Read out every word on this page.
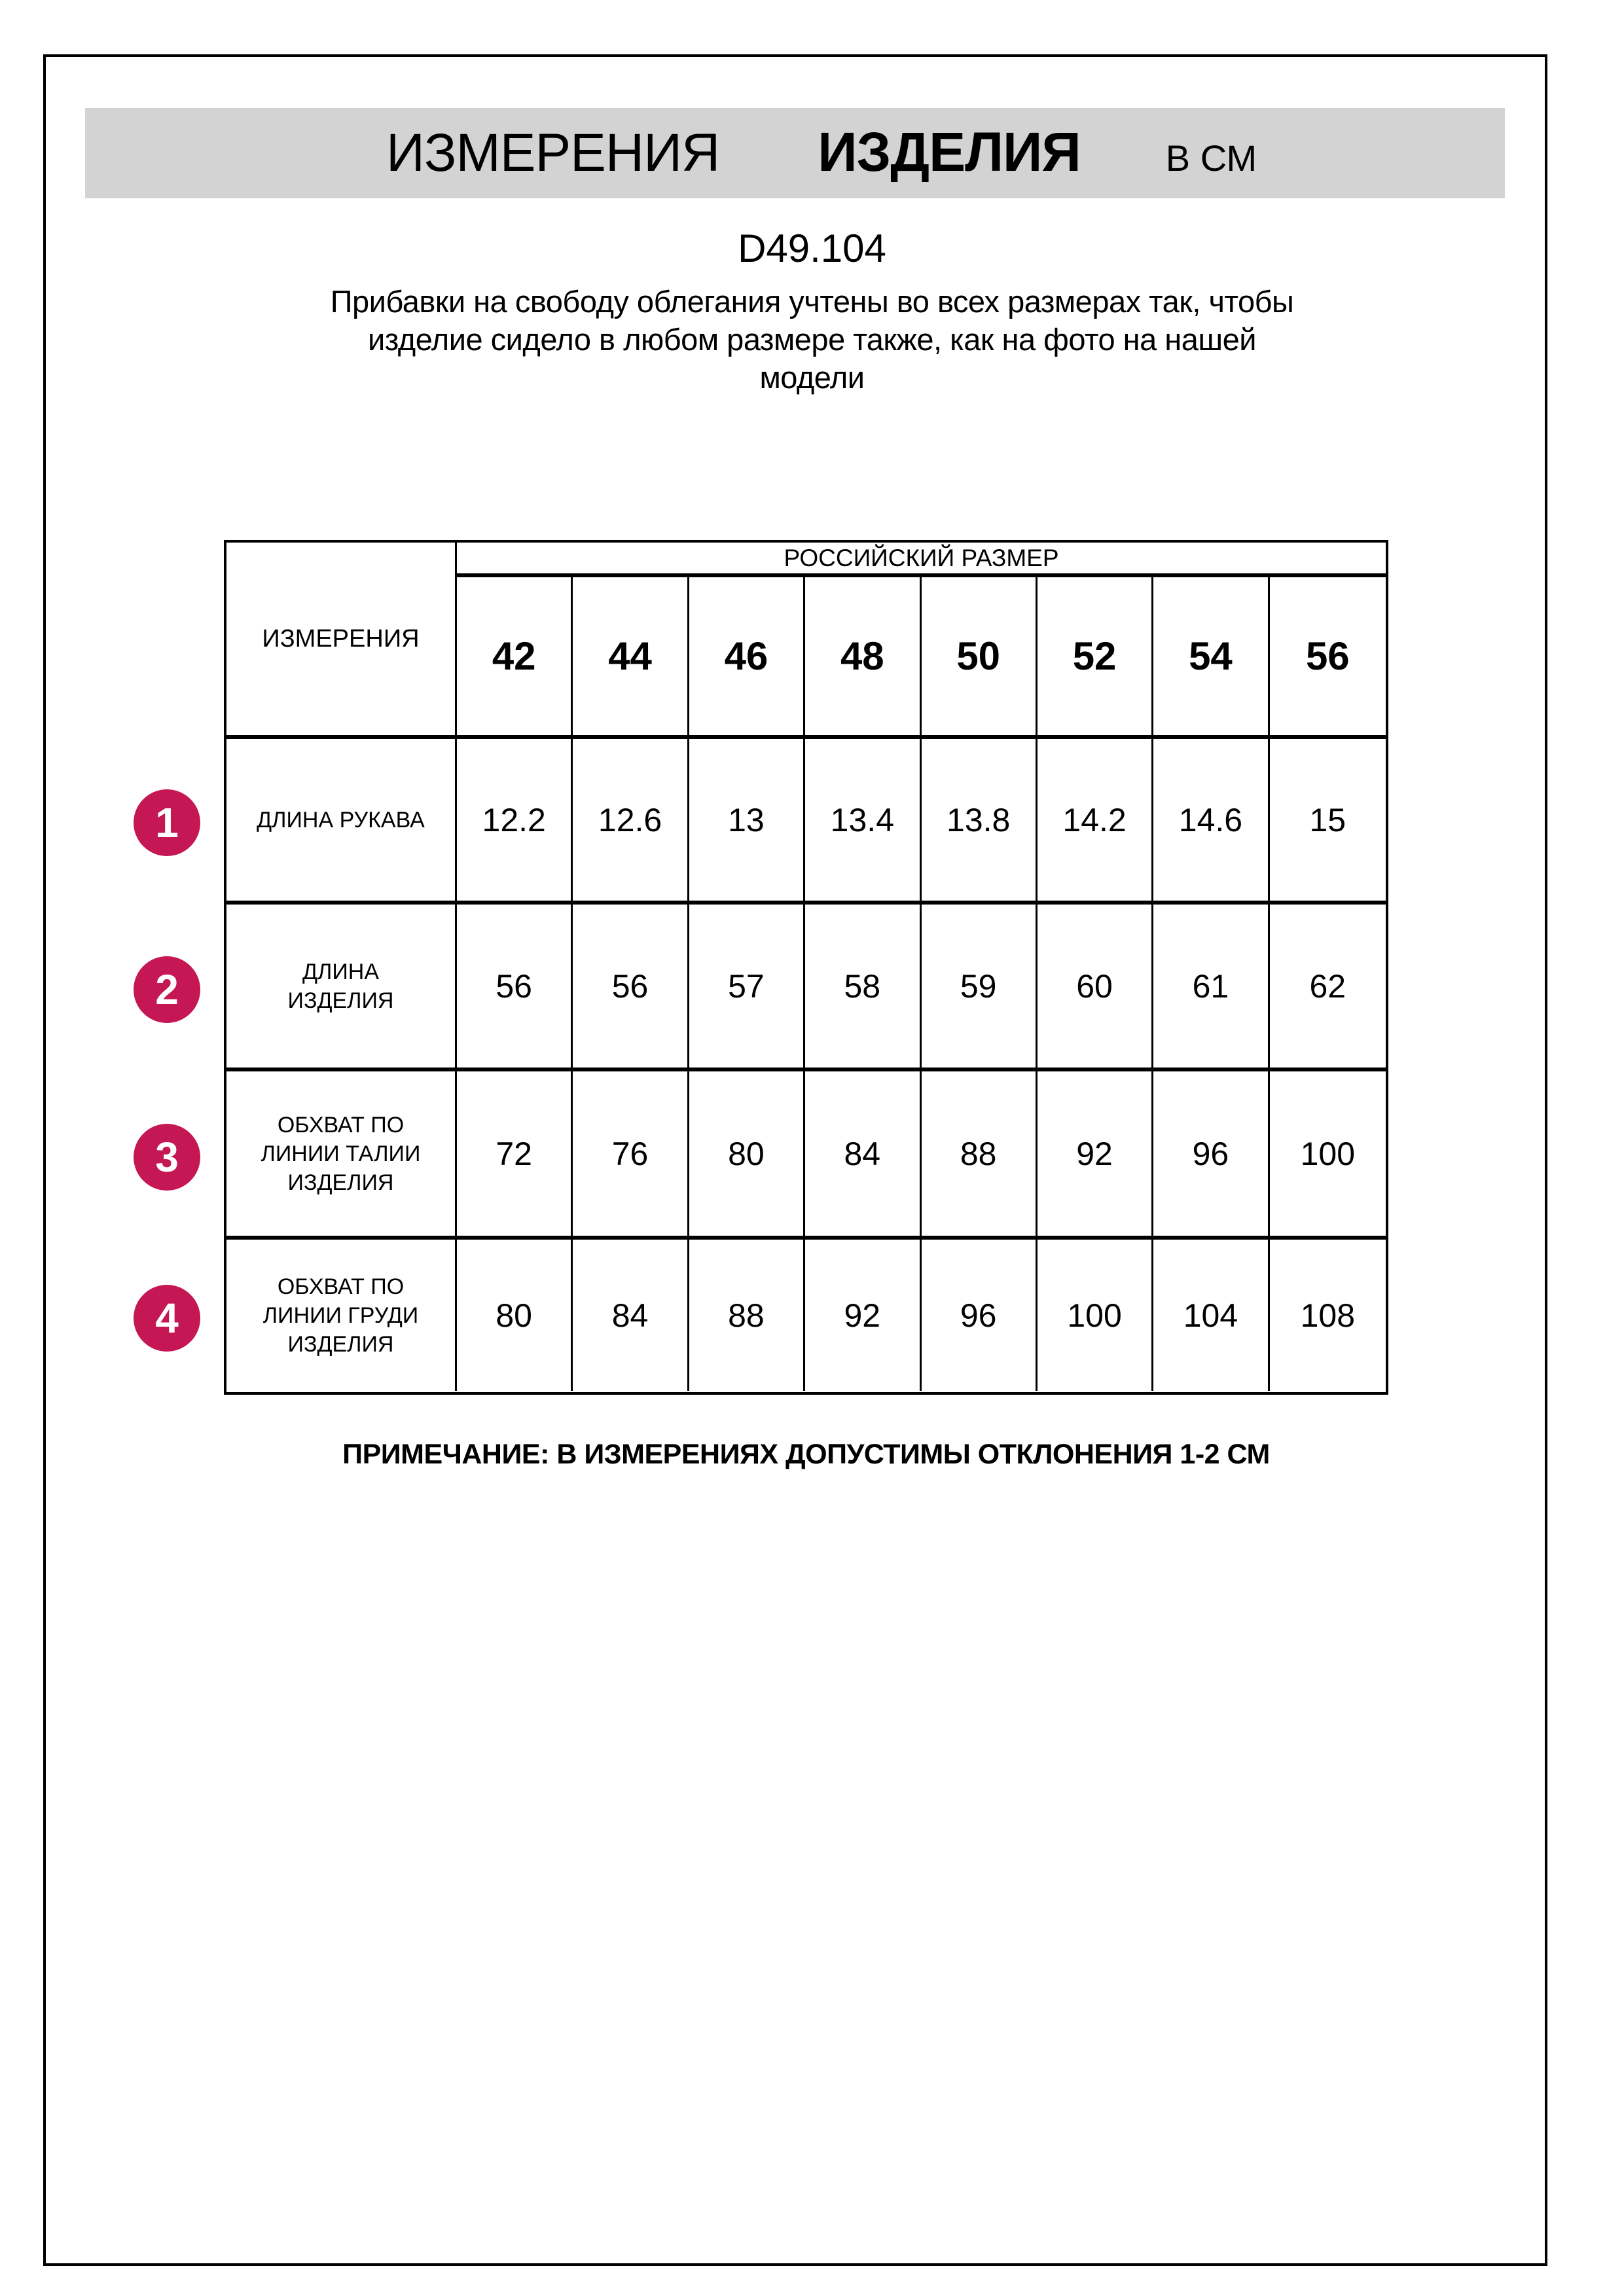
ИЗМЕРЕНИЯ ИЗДЕЛИЯ В СМ
D49.104
Прибавки на свободу облегания учтены во всех размерах так, чтобы
изделие сидело в любом размере также, как на фото на нашей
модели
ИЗМЕРЕНИЯ
РОССИЙСКИЙ РАЗМЕР
42	44	46	48	50	52	54	56
ДЛИНА РУКАВА	12.2	12.6	13	13.4	13.8	14.2	14.6	15
ДЛИНА
ИЗДЕЛИЯ	56	56	57	58	59	60	61	62
ОБХВАТ ПО
ЛИНИИ ТАЛИИ
ИЗДЕЛИЯ
72	76	80	84	88	92	96	100
ОБХВАТ ПО
ЛИНИИ ГРУДИ
ИЗДЕЛИЯ
80	84	88	92	96	100	104	108
1
2
3
4
ПРИМЕЧАНИЕ: В ИЗМЕРЕНИЯХ ДОПУСТИМЫ ОТКЛОНЕНИЯ 1-2 СМ
